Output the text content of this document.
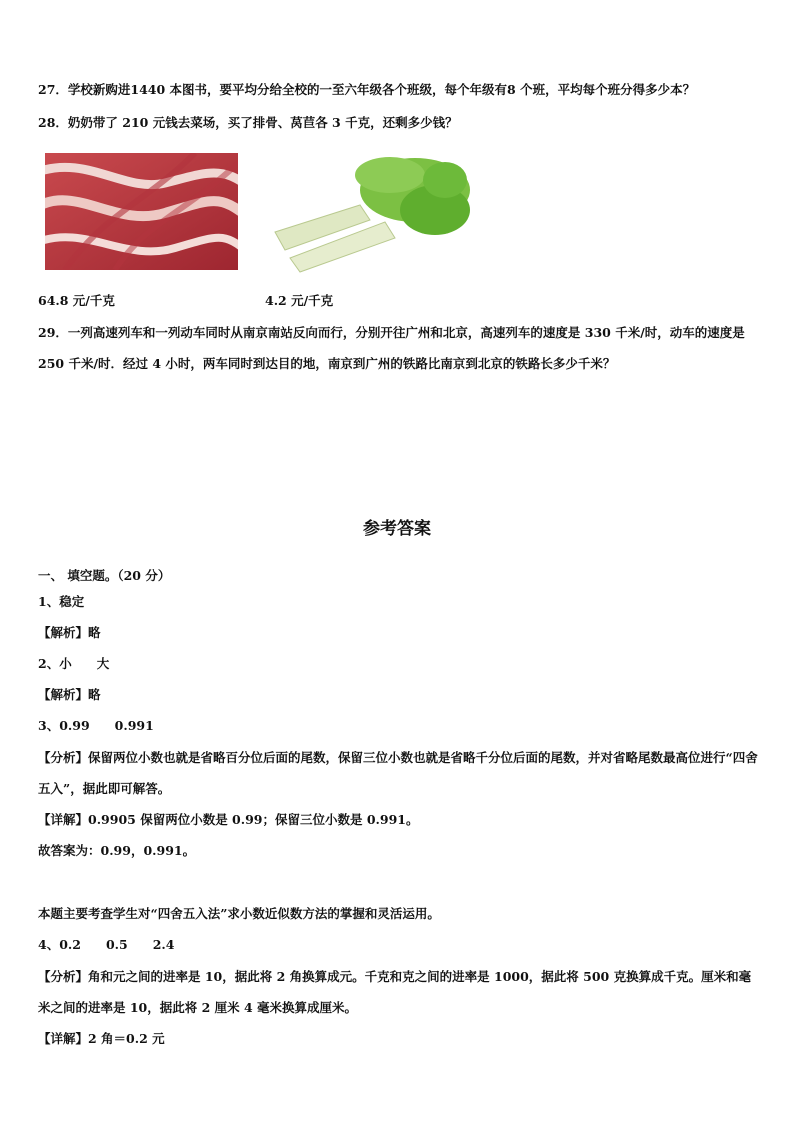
27．学校新购进1440 本图书，要平均分给全校的一至六年级各个班级，每个年级有8 个班，平均每个班分得多少本？
28．奶奶带了 210 元钱去菜场，买了排骨、莴苣各 3 千克，还剩多少钱？
64.8 元/千克	4.2 元/千克
29．一列高速列车和一列动车同时从南京南站反向而行，分别开往广州和北京，高速列车的速度是 330 千米/时，动车的速度是 250 千米/时．经过 4 小时，两车同时到达目的地，南京到广州的铁路比南京到北京的铁路长多少千米？
参考答案
一、 填空题。（20 分）
1、稳定
【解析】略
2、小　　大
【解析】略
3、0.99　　0.991
【分析】保留两位小数也就是省略百分位后面的尾数，保留三位小数也就是省略千分位后面的尾数，并对省略尾数最高位进行“四舍五入”，据此即可解答。
【详解】0.9905 保留两位小数是 0.99；保留三位小数是 0.991。
故答案为：0.99，0.991。
本题主要考查学生对“四舍五入法”求小数近似数方法的掌握和灵活运用。
4、0.2　　0.5　　2.4
【分析】角和元之间的进率是 10，据此将 2 角换算成元。千克和克之间的进率是 1000，据此将 500 克换算成千克。厘米和毫米之间的进率是 10，据此将 2 厘米 4 毫米换算成厘米。
【详解】2 角＝0.2 元
